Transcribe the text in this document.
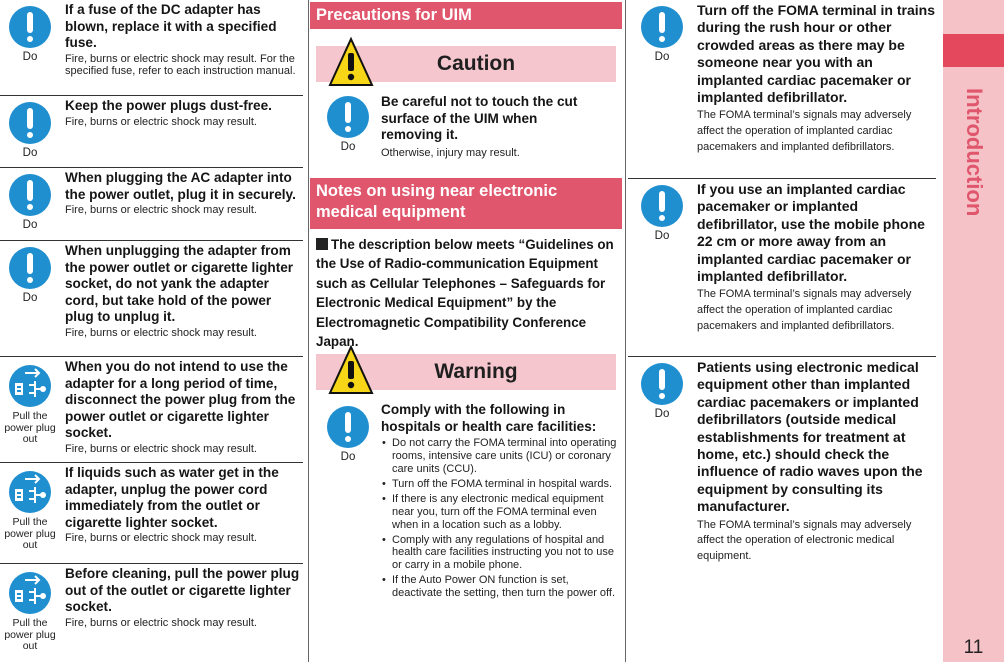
Do
If a fuse of the DC adapter has blown, replace it with a specified fuse.
Fire, burns or electric shock may result. For the specified fuse, refer to each instruction manual.
Do
Keep the power plugs dust-free.
Fire, burns or electric shock may result.
Do
When plugging the AC adapter into the power outlet, plug it in securely.
Fire, burns or electric shock may result.
Do
When unplugging the adapter from the power outlet or cigarette lighter socket, do not yank the adapter cord, but take hold of the power plug to unplug it.
Fire, burns or electric shock may result.
Pull the
power plug
out
When you do not intend to use the adapter for a long period of time, disconnect the power plug from the power outlet or cigarette lighter socket.
Fire, burns or electric shock may result.
Pull the
power plug
out
If liquids such as water get in the adapter, unplug the power cord immediately from the outlet or cigarette lighter socket.
Fire, burns or electric shock may result.
Pull the
power plug
out
Before cleaning, pull the power plug out of the outlet or cigarette lighter socket.
Fire, burns or electric shock may result.
Precautions for UIM
Caution
Do
Be careful not to touch the cut surface of the UIM when removing it.
Otherwise, injury may result.
Notes on using near electronic medical equipment
The description below meets “Guidelines on the Use of Radio-communication Equipment such as Cellular Telephones – Safeguards for Electronic Medical Equipment” by the Electromagnetic Compatibility Conference Japan.
Warning
Do
Comply with the following in hospitals or health care facilities:
• Do not carry the FOMA terminal into operating rooms, intensive care units (ICU) or coronary care units (CCU).
• Turn off the FOMA terminal in hospital wards.
• If there is any electronic medical equipment near you, turn off the FOMA terminal even when in a location such as a lobby.
• Comply with any regulations of hospital and health care facilities instructing you not to use or carry in a mobile phone.
• If the Auto Power ON function is set, deactivate the setting, then turn the power off.
Do
Turn off the FOMA terminal in trains during the rush hour or other crowded areas as there may be someone near you with an implanted cardiac pacemaker or implanted defibrillator.
The FOMA terminal’s signals may adversely affect the operation of implanted cardiac pacemakers and implanted defibrillators.
Do
If you use an implanted cardiac pacemaker or implanted defibrillator, use the mobile phone 22 cm or more away from an implanted cardiac pacemaker or implanted defibrillator.
The FOMA terminal’s signals may adversely affect the operation of implanted cardiac pacemakers and implanted defibrillators.
Do
Patients using electronic medical equipment other than implanted cardiac pacemakers or implanted defibrillators (outside medical establishments for treatment at home, etc.) should check the influence of radio waves upon the equipment by consulting its manufacturer.
The FOMA terminal’s signals may adversely affect the operation of electronic medical equipment.
Introduction
11
